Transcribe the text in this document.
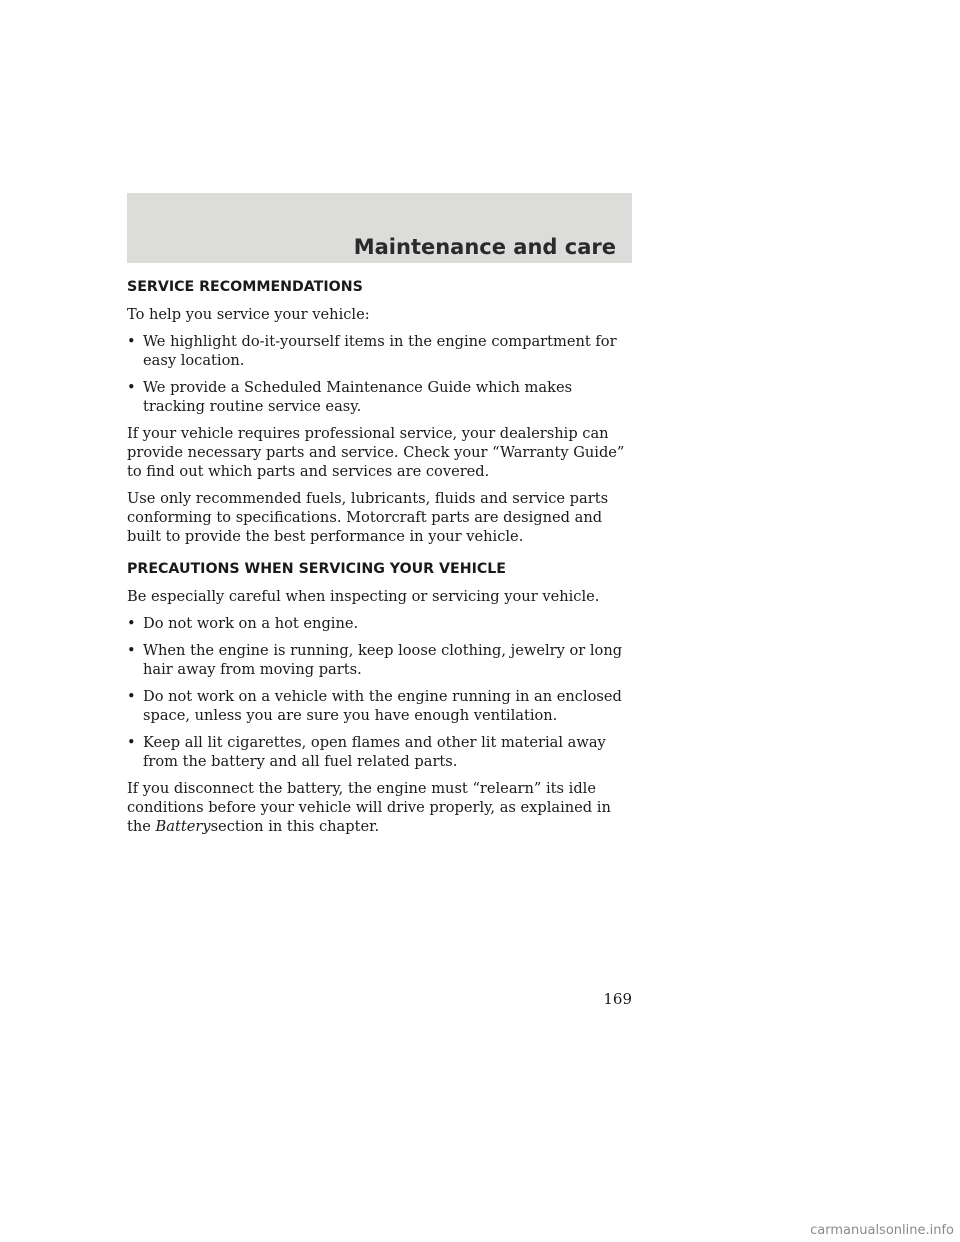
Maintenance and care
SERVICE RECOMMENDATIONS

To help you service your vehicle:

• We highlight do-it-yourself items in the engine compartment for easy location.
• We provide a Scheduled Maintenance Guide which makes tracking routine service easy.

If your vehicle requires professional service, your dealership can provide necessary parts and service. Check your “Warranty Guide” to find out which parts and services are covered.

Use only recommended fuels, lubricants, fluids and service parts conforming to specifications. Motorcraft parts are designed and built to provide the best performance in your vehicle.

PRECAUTIONS WHEN SERVICING YOUR VEHICLE

Be especially careful when inspecting or servicing your vehicle.

• Do not work on a hot engine.
• When the engine is running, keep loose clothing, jewelry or long hair away from moving parts.
• Do not work on a vehicle with the engine running in an enclosed space, unless you are sure you have enough ventilation.
• Keep all lit cigarettes, open flames and other lit material away from the battery and all fuel related parts.

If you disconnect the battery, the engine must “relearn” its idle conditions before your vehicle will drive properly, as explained in the Batterysection in this chapter.

169
carmanualsonline.info
